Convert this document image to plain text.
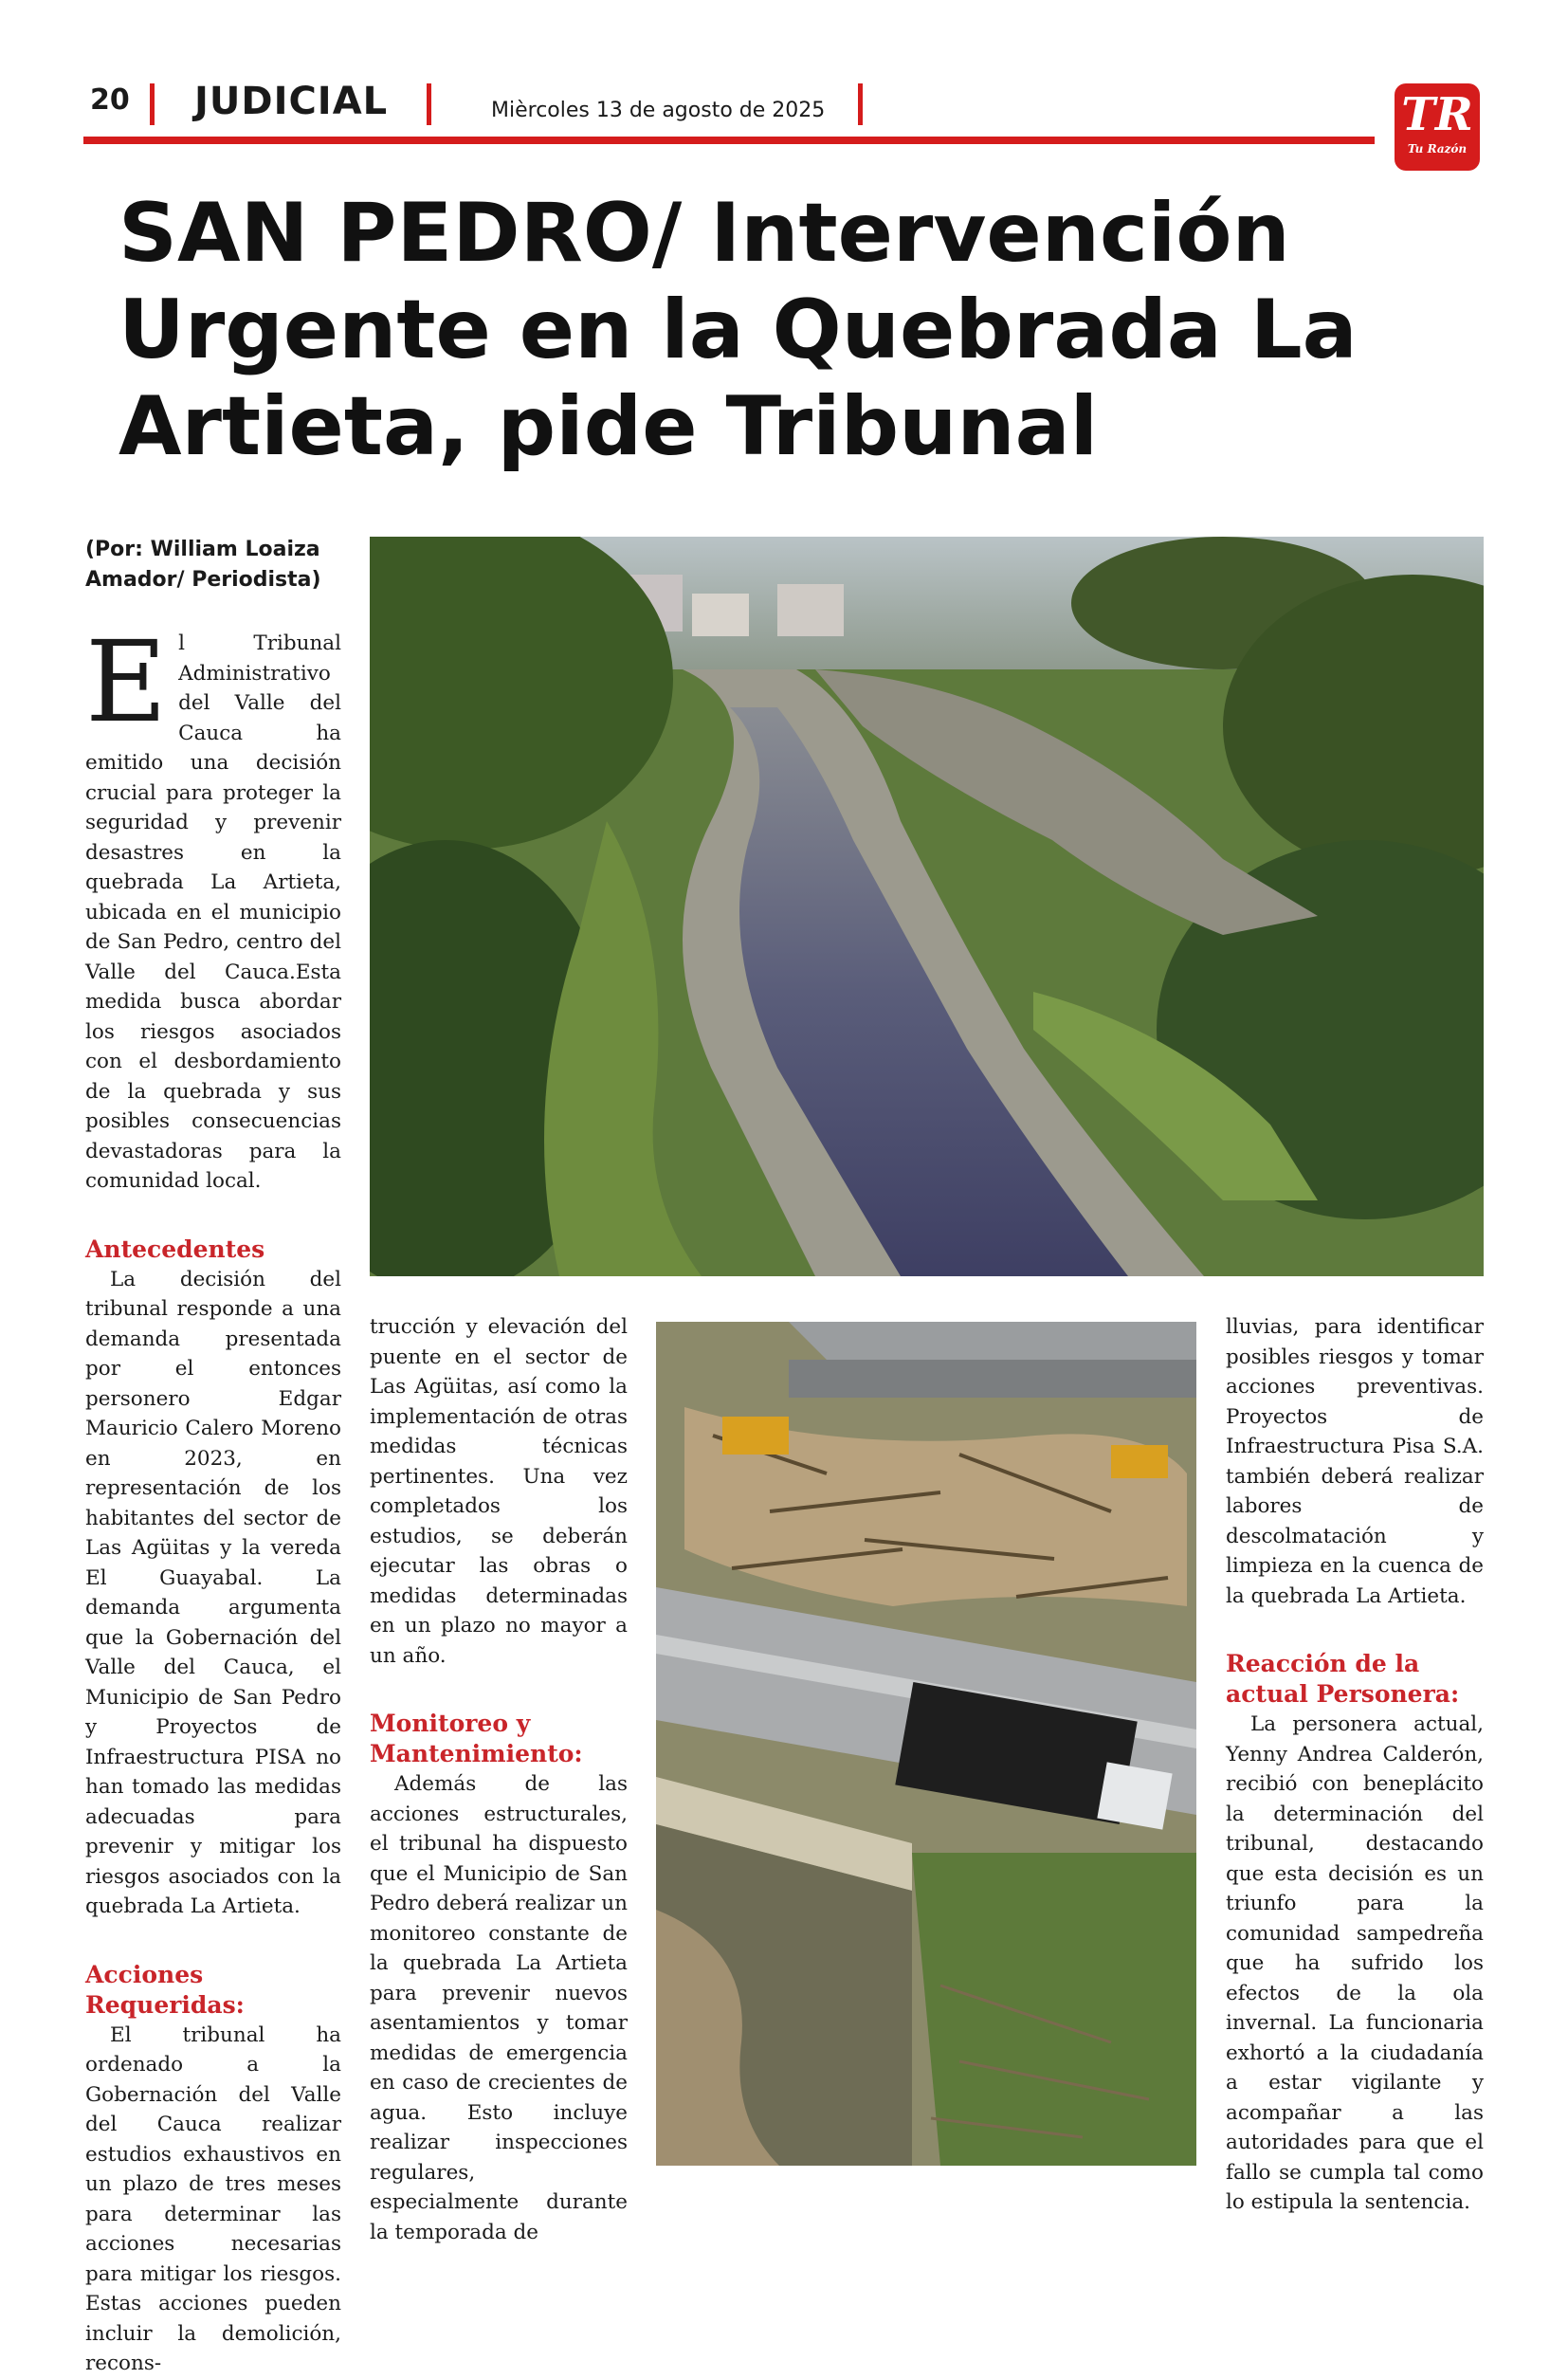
20 JUDICIAL	Mièrcoles 13 de agosto de 2025	TR
Tu Razón
SAN PEDRO/ Intervención Urgente en la Quebrada La Artieta, pide Tribunal
(Por: William Loaiza Amador/ Periodista)

El Tribunal Administrativo del Valle del Cauca ha emitido una decisión crucial para proteger la seguridad y prevenir desastres en la quebrada La Artieta, ubicada en el municipio de San Pedro, centro del Valle del Cauca.Esta medida busca abordar los riesgos asociados con el desbordamiento de la quebrada y sus posibles consecuencias devastadoras para la comunidad local.

Antecedentes

La decisión del tribunal responde a una demanda presentada por el entonces personero Edgar Mauricio Calero Moreno en 2023, en representación de los habitantes del sector de Las Agüitas y la vereda El Guayabal. La demanda argumenta que la Gobernación del Valle del Cauca, el Municipio de San Pedro y Proyectos de Infraestructura PISA no han tomado las medidas adecuadas para prevenir y mitigar los riesgos asociados con la quebrada La Artieta.

Acciones Requeridas:

El tribunal ha ordenado a la Gobernación del Valle del Cauca realizar estudios exhaustivos en un plazo de tres meses para determinar las acciones necesarias para mitigar los riesgos. Estas acciones pueden incluir la demolición, recons-

trucción y elevación del puente en el sector de Las Agüitas, así como la implementación de otras medidas técnicas pertinentes. Una vez completados los estudios, se deberán ejecutar las obras o medidas determinadas en un plazo no mayor a un año.

Monitoreo y Mantenimiento:

Además de las acciones estructurales, el tribunal ha dispuesto que el Municipio de San Pedro deberá realizar un monitoreo constante de la quebrada La Artieta para prevenir nuevos asentamientos y tomar medidas de emergencia en caso de crecientes de agua. Esto incluye realizar inspecciones regulares, especialmente durante la temporada de

lluvias, para identificar posibles riesgos y tomar acciones preventivas. Proyectos de Infraestructura Pisa S.A. también deberá realizar labores de descolmatación y limpieza en la cuenca de la quebrada La Artieta.

Reacción de la actual Personera:

La personera actual, Yenny Andrea Calderón, recibió con beneplácito la determinación del tribunal, destacando que esta decisión es un triunfo para la comunidad sampedreña que ha sufrido los efectos de la ola invernal. La funcionaria exhortó a la ciudadanía a estar vigilante y acompañar a las autoridades para que el fallo se cumpla tal como lo estipula la sentencia.
